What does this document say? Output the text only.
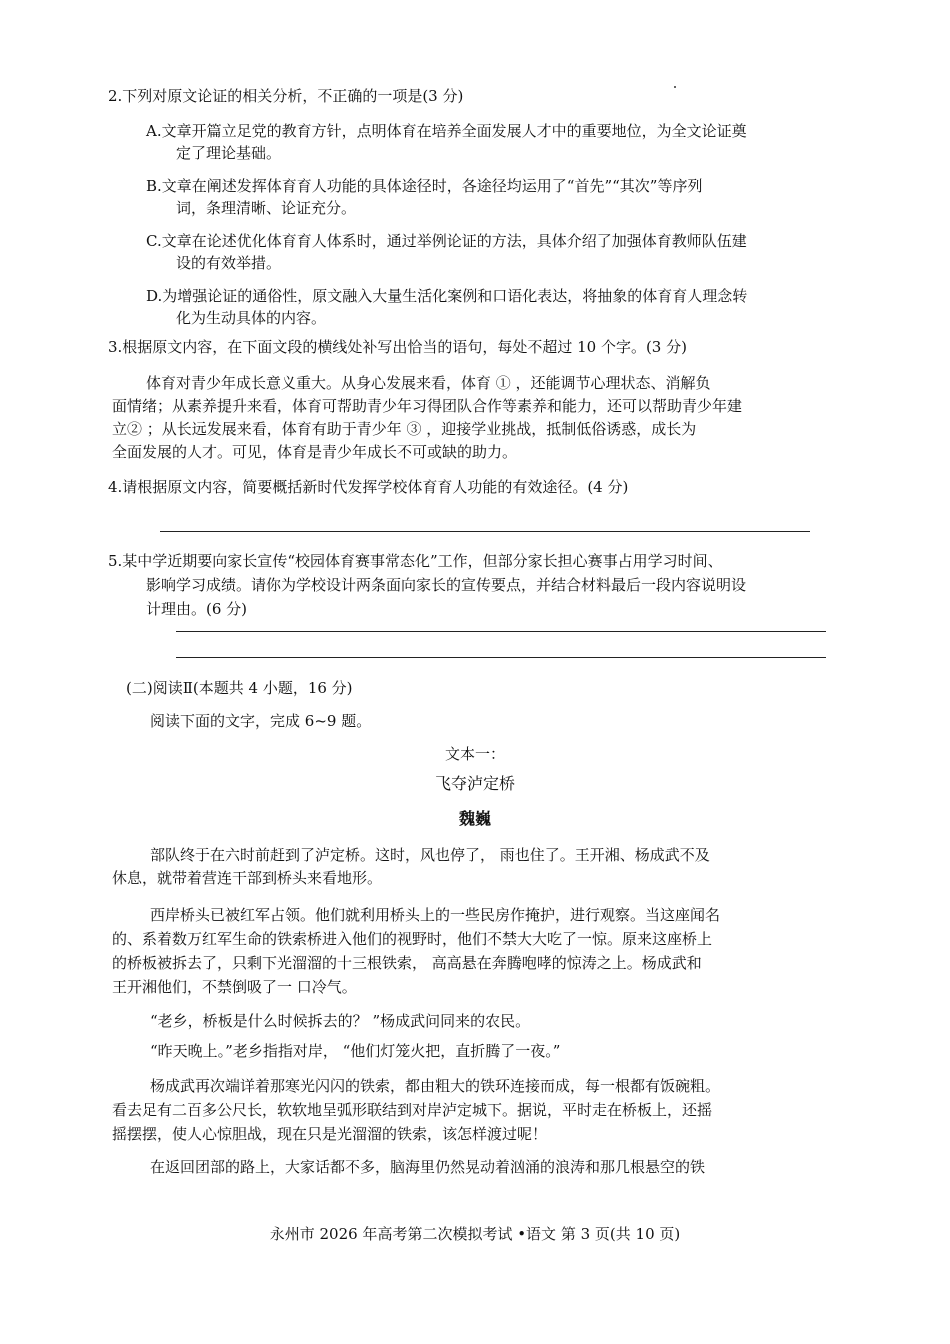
2.下列对原文论证的相关分析，不正确的一项是(3 分)
A.文章开篇立足党的教育方针，点明体育在培养全面发展人才中的重要地位，为全文论证奠
定了理论基础。
B.文章在阐述发挥体育育人功能的具体途径时，各途径均运用了“首先”“其次”等序列
词，条理清晰、论证充分。
C.文章在论述优化体育育人体系时，通过举例论证的方法，具体介绍了加强体育教师队伍建
设的有效举措。
D.为增强论证的通俗性，原文融入大量生活化案例和口语化表达，将抽象的体育育人理念转
化为生动具体的内容。
3.根据原文内容，在下面文段的横线处补写出恰当的语句，每处不超过 10 个字。(3 分)
体育对青少年成长意义重大。从身心发展来看，体育 ① ，还能调节心理状态、消解负
面情绪；从素养提升来看，体育可帮助青少年习得团队合作等素养和能力，还可以帮助青少年建
立② ；从长远发展来看，体育有助于青少年 ③ ，迎接学业挑战，抵制低俗诱惑，成长为
全面发展的人才。可见，体育是青少年成长不可或缺的助力。
4.请根据原文内容，简要概括新时代发挥学校体育育人功能的有效途径。(4 分)
5.某中学近期要向家长宣传“校园体育赛事常态化”工作，但部分家长担心赛事占用学习时间、
影响学习成绩。请你为学校设计两条面向家长的宣传要点，并结合材料最后一段内容说明设
计理由。(6 分)
(二)阅读Ⅱ(本题共 4 小题，16 分)
阅读下面的文字，完成 6~9 题。
文本一：
飞夺泸定桥
魏巍
部队终于在六时前赶到了泸定桥。这时，风也停了， 雨也住了。王开湘、杨成武不及
休息，就带着营连干部到桥头来看地形。
西岸桥头已被红军占领。他们就利用桥头上的一些民房作掩护，进行观察。当这座闻名
的、系着数万红军生命的铁索桥进入他们的视野时，他们不禁大大吃了一惊。原来这座桥上
的桥板被拆去了，只剩下光溜溜的十三根铁索， 高高悬在奔腾咆哮的惊涛之上。杨成武和
王开湘他们，不禁倒吸了一 口冷气。
“老乡，桥板是什么时候拆去的？ ”杨成武问同来的农民。
“昨天晚上。”老乡指指对岸， “他们灯笼火把，直折腾了一夜。”
杨成武再次端详着那寒光闪闪的铁索，都由粗大的铁环连接而成，每一根都有饭碗粗。
看去足有二百多公尺长，软软地呈弧形联结到对岸泸定城下。据说，平时走在桥板上，还摇
摇摆摆，使人心惊胆战，现在只是光溜溜的铁索，该怎样渡过呢！
在返回团部的路上，大家话都不多，脑海里仍然晃动着汹涌的浪涛和那几根悬空的铁
永州市 2026 年高考第二次模拟考试 •语文 第 3 页(共 10 页)
